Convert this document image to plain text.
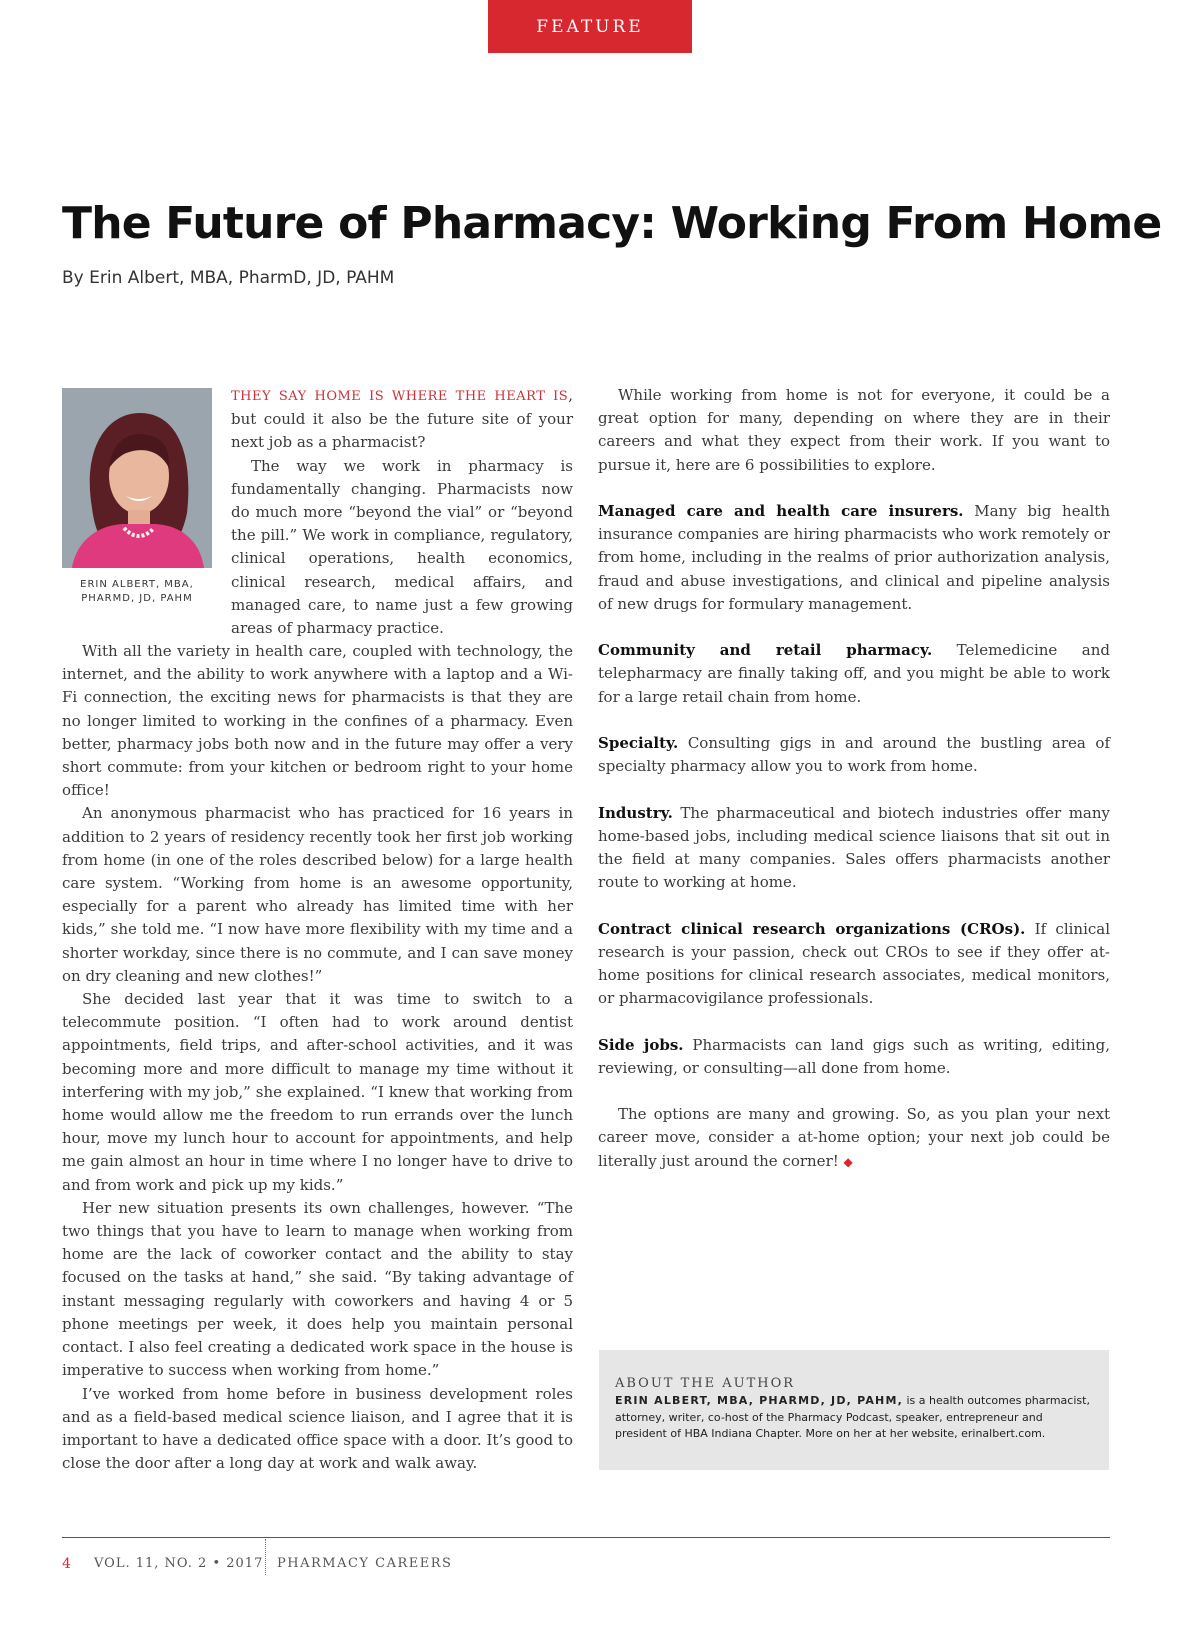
FEATURE
The Future of Pharmacy: Working From Home

By Erin Albert, MBA, PharmD, JD, PAHM

ERIN ALBERT, MBA, PHARMD, JD, PAHM

THEY SAY HOME IS WHERE THE HEART IS, but could it also be the future site of your next job as a pharmacist?

The way we work in pharmacy is fundamentally changing. Pharmacists now do much more “beyond the vial” or “beyond the pill.” We work in compliance, regulatory, clinical operations, health economics, clinical research, medical affairs, and managed care, to name just a few growing areas of pharmacy practice.

With all the variety in health care, coupled with technology, the internet, and the ability to work anywhere with a laptop and a Wi-Fi connection, the exciting news for pharmacists is that they are no longer limited to working in the confines of a pharmacy. Even better, pharmacy jobs both now and in the future may offer a very short commute: from your kitchen or bedroom right to your home office!

An anonymous pharmacist who has practiced for 16 years in addition to 2 years of residency recently took her first job working from home (in one of the roles described below) for a large health care system. “Working from home is an awesome opportunity, especially for a parent who already has limited time with her kids,” she told me. “I now have more flexibility with my time and a shorter workday, since there is no commute, and I can save money on dry cleaning and new clothes!”

She decided last year that it was time to switch to a telecommute position. “I often had to work around dentist appointments, field trips, and after-school activities, and it was becoming more and more difficult to manage my time without it interfering with my job,” she explained. “I knew that working from home would allow me the freedom to run errands over the lunch hour, move my lunch hour to account for appointments, and help me gain almost an hour in time where I no longer have to drive to and from work and pick up my kids.”

Her new situation presents its own challenges, however. “The two things that you have to learn to manage when working from home are the lack of coworker contact and the ability to stay focused on the tasks at hand,” she said. “By taking advantage of instant messaging regularly with coworkers and having 4 or 5 phone meetings per week, it does help you maintain personal contact. I also feel creating a dedicated work space in the house is imperative to success when working from home.”

I’ve worked from home before in business development roles and as a field-based medical science liaison, and I agree that it is important to have a dedicated office space with a door. It’s good to close the door after a long day at work and walk away.

While working from home is not for everyone, it could be a great option for many, depending on where they are in their careers and what they expect from their work. If you want to pursue it, here are 6 possibilities to explore.

Managed care and health care insurers. Many big health insurance companies are hiring pharmacists who work remotely or from home, including in the realms of prior authorization analysis, fraud and abuse investigations, and clinical and pipeline analysis of new drugs for formulary management.

Community and retail pharmacy. Telemedicine and telepharmacy are finally taking off, and you might be able to work for a large retail chain from home.

Specialty. Consulting gigs in and around the bustling area of specialty pharmacy allow you to work from home.

Industry. The pharmaceutical and biotech industries offer many home-based jobs, including medical science liaisons that sit out in the field at many companies. Sales offers pharmacists another route to working at home.

Contract clinical research organizations (CROs). If clinical research is your passion, check out CROs to see if they offer at-home positions for clinical research associates, medical monitors, or pharmacovigilance professionals.

Side jobs. Pharmacists can land gigs such as writing, editing, reviewing, or consulting—all done from home.

The options are many and growing. So, as you plan your next career move, consider a at-home option; your next job could be literally just around the corner! ◆

ABOUT THE AUTHOR

ERIN ALBERT, MBA, PHARMD, JD, PAHM, is a health outcomes pharmacist, attorney, writer, co-host of the Pharmacy Podcast, speaker, entrepreneur and president of HBA Indiana Chapter. More on her at her website, erinalbert.com.

4 VOL. 11, NO. 2 • 2017 PHARMACY CAREERS
